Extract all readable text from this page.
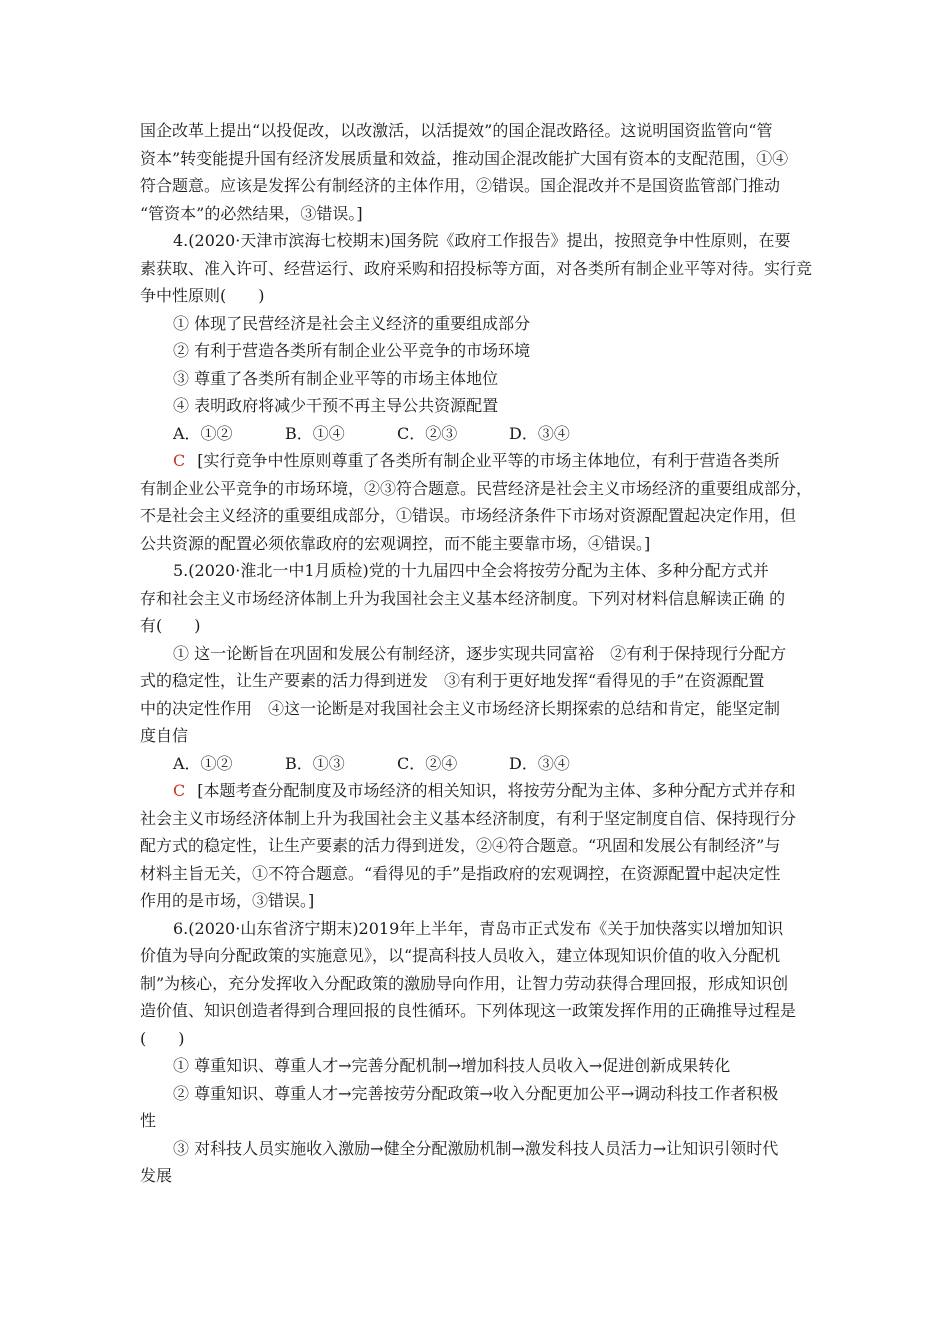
国企改革上提出“以投促改，以改激活，以活提效”的国企混改路径。这说明国资监管向“管
资本”转变能提升国有经济发展质量和效益，推动国企混改能扩大国有资本的支配范围，①④
符合题意。应该是发挥公有制经济的主体作用，②错误。国企混改并不是国资监管部门推动
“管资本”的必然结果，③错误。]
4.(2020·天津市滨海七校期末)国务院《政府工作报告》提出，按照竞争中性原则，在要
素获取、准入许可、经营运行、政府采购和招投标等方面，对各类所有制企业平等对待。实行竞
争中性原则(　　)
① 体现了民营经济是社会主义经济的重要组成部分
② 有利于营造各类所有制企业公平竞争的市场环境
③ 尊重了各类所有制企业平等的市场主体地位
④ 表明政府将减少干预不再主导公共资源配置
A．①②	B．①④	C．②③	D．③④
C [实行竞争中性原则尊重了各类所有制企业平等的市场主体地位，有利于营造各类所
有制企业公平竞争的市场环境，②③符合题意。民营经济是社会主义市场经济的重要组成部分，
不是社会主义经济的重要组成部分，①错误。市场经济条件下市场对资源配置起决定作用，但
公共资源的配置必须依靠政府的宏观调控，而不能主要靠市场，④错误。]
5.(2020·淮北一中1月质检)党的十九届四中全会将按劳分配为主体、多种分配方式并
存和社会主义市场经济体制上升为我国社会主义基本经济制度。下列对材料信息解读正确 的
有(　　)
① 这一论断旨在巩固和发展公有制经济，逐步实现共同富裕　②有利于保持现行分配方
式的稳定性，让生产要素的活力得到迸发　③有利于更好地发挥“看得见的手”在资源配置
中的决定性作用　④这一论断是对我国社会主义市场经济长期探索的总结和肯定，能坚定制
度自信
A．①②	B．①③	C．②④	D．③④
C [本题考查分配制度及市场经济的相关知识，将按劳分配为主体、多种分配方式并存和
社会主义市场经济体制上升为我国社会主义基本经济制度，有利于坚定制度自信、保持现行分
配方式的稳定性，让生产要素的活力得到迸发，②④符合题意。“巩固和发展公有制经济”与
材料主旨无关，①不符合题意。“看得见的手”是指政府的宏观调控，在资源配置中起决定性
作用的是市场，③错误。]
6.(2020·山东省济宁期末)2019年上半年，青岛市正式发布《关于加快落实以增加知识
价值为导向分配政策的实施意见》，以“提高科技人员收入，建立体现知识价值的收入分配机
制”为核心，充分发挥收入分配政策的激励导向作用，让智力劳动获得合理回报，形成知识创
造价值、知识创造者得到合理回报的良性循环。下列体现这一政策发挥作用的正确推导过程是
(　　)
① 尊重知识、尊重人才→完善分配机制→增加科技人员收入→促进创新成果转化
② 尊重知识、尊重人才→完善按劳分配政策→收入分配更加公平→调动科技工作者积极
性
③ 对科技人员实施收入激励→健全分配激励机制→激发科技人员活力→让知识引领时代
发展
